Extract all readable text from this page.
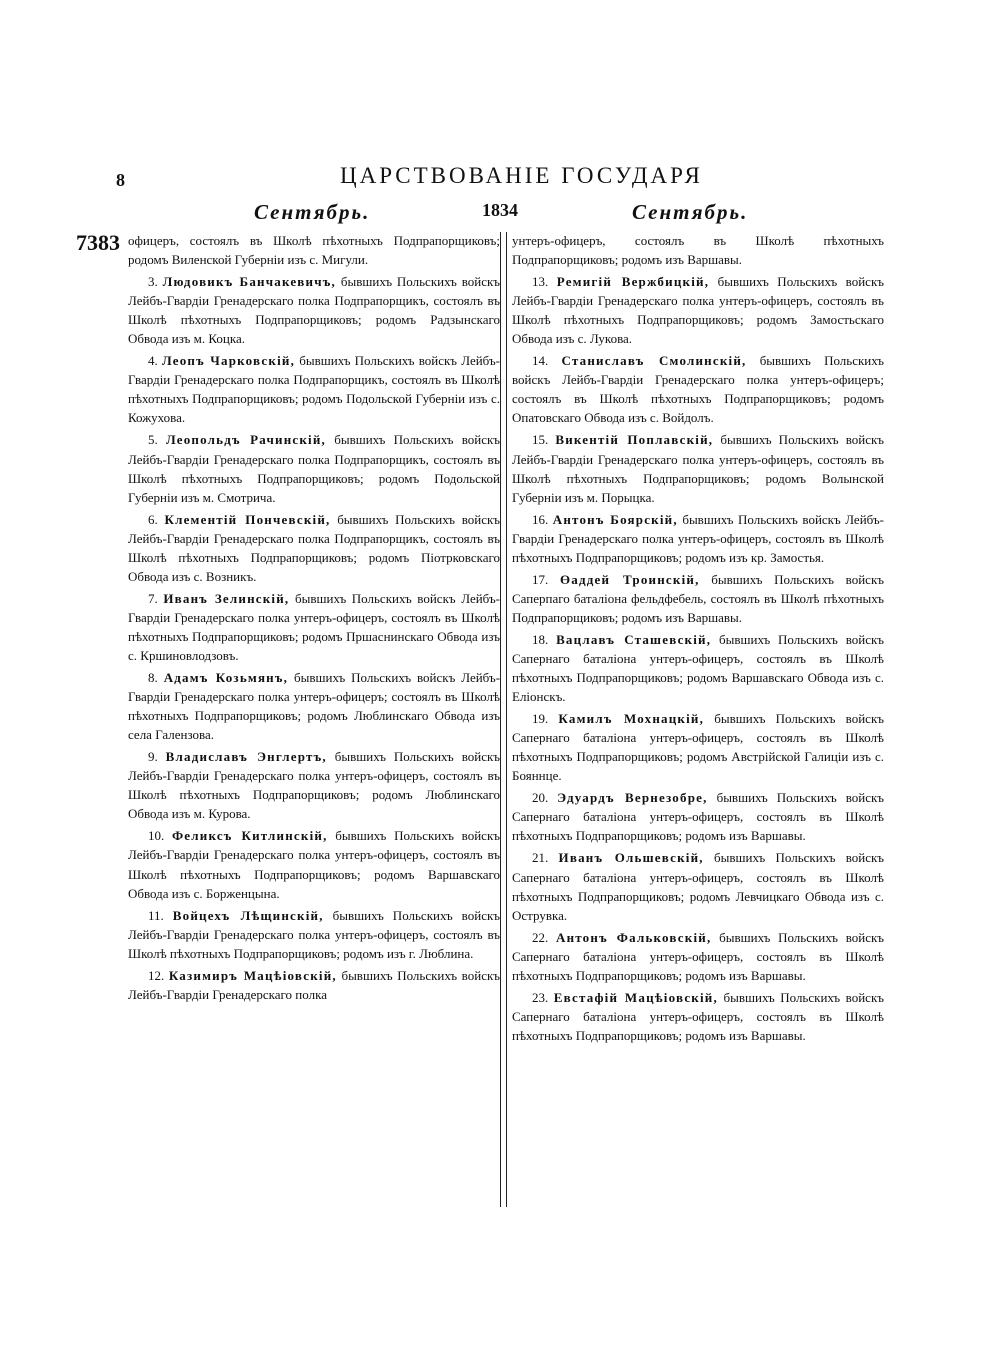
8	ЦАРСТВОВАНІЕ ГОСУДАРЯ
Сентябрь.	1834	Сентябрь.
7383 офицеръ, состоялъ въ Школѣ пѣхотныхъ Подпрапорщиковъ; родомъ Виленской Губерніи изъ с. Мигули.

3. Людовикъ Банчакевичъ, бывшихъ Польскихъ войскъ Лейбъ-Гвардіи Гренадерскаго полка Подпрапорщикъ, состоялъ въ Школѣ пѣхотныхъ Подпрапорщиковъ; родомъ Радзынскаго Обвода изъ м. Коцка.

4. Леопъ Чарковскій, бывшихъ Польскихъ войскъ Лейбъ-Гвардіи Гренадерскаго полка Подпрапорщикъ, состоялъ въ Школѣ пѣхотныхъ Подпрапорщиковъ; родомъ Подольской Губерніи изъ с. Кожухова.

5. Леопольдъ Рачинскій, бывшихъ Польскихъ войскъ Лейбъ-Гвардіи Гренадерскаго полка Подпрапорщикъ, состоялъ въ Школѣ пѣхотныхъ Подпрапорщиковъ; родомъ Подольской Губерніи изъ м. Смотрича.

6. Клементій Пончевскій, бывшихъ Польскихъ войскъ Лейбъ-Гвардіи Гренадерскаго полка Подпрапорщикъ, состоялъ въ Школѣ пѣхотныхъ Подпрапорщиковъ; родомъ Піотрковскаго Обвода изъ с. Возникъ.

7. Иванъ Зелинскій, бывшихъ Польскихъ войскъ Лейбъ-Гвардіи Гренадерскаго полка унтеръ-офицеръ, состоялъ въ Школѣ пѣхотныхъ Подпрапорщиковъ; родомъ Пршаснинскаго Обвода изъ с. Кршиновлодзовъ.

8. Адамъ Козьмянъ, бывшихъ Польскихъ войскъ Лейбъ-Гвардіи Гренадерскаго полка унтеръ-офицеръ; состоялъ въ Школѣ пѣхотныхъ Подпрапорщиковъ; родомъ Люблинскаго Обвода изъ села Галензова.

9. Владиславъ Энглертъ, бывшихъ Польскихъ войскъ Лейбъ-Гвардіи Гренадерскаго полка унтеръ-офицеръ, состоялъ въ Школѣ пѣхотныхъ Подпрапорщиковъ; родомъ Люблинскаго Обвода изъ м. Курова.

10. Феликсъ Китлинскій, бывшихъ Польскихъ войскъ Лейбъ-Гвардіи Гренадерскаго полка унтеръ-офицеръ, состоялъ въ Школѣ пѣхотныхъ Подпрапорщиковъ; родомъ Варшавскаго Обвода изъ с. Борженцына.

11. Войцехъ Лѣщинскій, бывшихъ Польскихъ войскъ Лейбъ-Гвардіи Гренадерскаго полка унтеръ-офицеръ, состоялъ въ Школѣ пѣхотныхъ Подпрапорщиковъ; родомъ изъ г. Люблина.

12. Казимиръ Мацѣіовскій, бывшихъ Польскихъ войскъ Лейбъ-Гвардіи Гренадерскаго полка

унтеръ-офицеръ, состоялъ въ Школѣ пѣхотныхъ Подпрапорщиковъ; родомъ изъ Варшавы.

13. Ремигій Вержбицкій, бывшихъ Польскихъ войскъ Лейбъ-Гвардіи Гренадерскаго полка унтеръ-офицеръ, состоялъ въ Школѣ пѣхотныхъ Подпрапорщиковъ; родомъ Замостьскаго Обвода изъ с. Лукова.

14. Станиславъ Смолинскій, бывшихъ Польскихъ войскъ Лейбъ-Гвардіи Гренадерскаго полка унтеръ-офицеръ; состоялъ въ Школѣ пѣхотныхъ Подпрапорщиковъ; родомъ Опатовскаго Обвода изъ с. Войдолъ.

15. Викентій Поплавскій, бывшихъ Польскихъ войскъ Лейбъ-Гвардіи Гренадерскаго полка унтеръ-офицеръ, состоялъ въ Школѣ пѣхотныхъ Подпрапорщиковъ; родомъ Волынской Губерніи изъ м. Порыцка.

16. Антонъ Боярскій, бывшихъ Польскихъ войскъ Лейбъ-Гвардіи Гренадерскаго полка унтеръ-офицеръ, состоялъ въ Школѣ пѣхотныхъ Подпрапорщиковъ; родомъ изъ кр. Замостья.

17. Өаддей Троинскій, бывшихъ Польскихъ войскъ Саперпаго баталіона фельдфебель, состоялъ въ Школѣ пѣхотныхъ Подпрапорщиковъ; родомъ изъ Варшавы.

18. Вацлавъ Сташевскій, бывшихъ Польскихъ войскъ Сапернаго баталіона унтеръ-офицеръ, состоялъ въ Школѣ пѣхотныхъ Подпрапорщиковъ; родомъ Варшавскаго Обвода изъ с. Еліонскъ.

19. Камилъ Мохнацкій, бывшихъ Польскихъ войскъ Сапернаго баталіона унтеръ-офицеръ, состоялъ въ Школѣ пѣхотныхъ Подпрапорщиковъ; родомъ Австрійской Галиціи изъ с. Бояннце.

20. Эдуардъ Вернезобре, бывшихъ Польскихъ войскъ Сапернаго баталіона унтеръ-офицеръ, состоялъ въ Школѣ пѣхотныхъ Подпрапорщиковъ; родомъ изъ Варшавы.

21. Иванъ Ольшевскій, бывшихъ Польскихъ войскъ Сапернаго баталіона унтеръ-офицеръ, состоялъ въ Школѣ пѣхотныхъ Подпрапорщиковъ; родомъ Левчицкаго Обвода изъ с. Острувка.

22. Антонъ Фальковскій, бывшихъ Польскихъ войскъ Сапернаго баталіона унтеръ-офицеръ, состоялъ въ Школѣ пѣхотныхъ Подпрапорщиковъ; родомъ изъ Варшавы.

23. Евстафій Мацѣіовскій, бывшихъ Польскихъ войскъ Сапернаго баталіона унтеръ-офицеръ, состоялъ въ Школѣ пѣхотныхъ Подпрапорщиковъ; родомъ изъ Варшавы.
